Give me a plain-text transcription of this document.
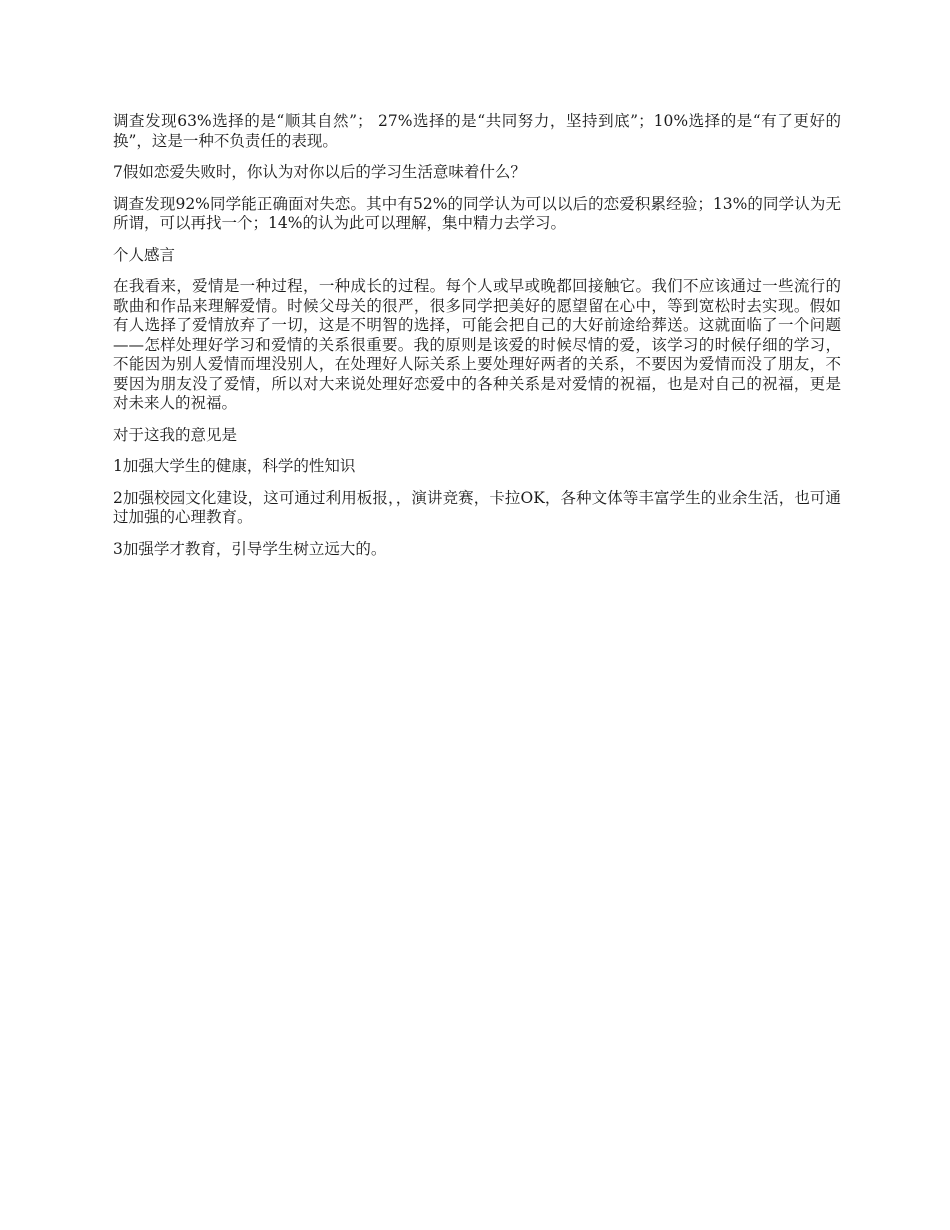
调查发现63%选择的是“顺其自然”； 27%选择的是“共同努力，坚持到底”；10%选择的是“有了更好的换”，这是一种不负责任的表现。

7假如恋爱失败时，你认为对你以后的学习生活意味着什么？

调查发现92%同学能正确面对失恋。其中有52%的同学认为可以以后的恋爱积累经验；13%的同学认为无所谓，可以再找一个；14%的认为此可以理解，集中精力去学习。

个人感言

在我看来，爱情是一种过程，一种成长的过程。每个人或早或晚都回接触它。我们不应该通过一些流行的歌曲和作品来理解爱情。时候父母关的很严，很多同学把美好的愿望留在心中，等到宽松时去实现。假如有人选择了爱情放弃了一切，这是不明智的选择，可能会把自己的大好前途给葬送。这就面临了一个问题——怎样处理好学习和爱情的关系很重要。我的原则是该爱的时候尽情的爱，该学习的时候仔细的学习，不能因为别人爱情而埋没别人，在处理好人际关系上要处理好两者的关系，不要因为爱情而没了朋友，不要因为朋友没了爱情，所以对大来说处理好恋爱中的各种关系是对爱情的祝福，也是对自己的祝福，更是对未来人的祝福。

对于这我的意见是

1加强大学生的健康，科学的性知识

2加强校园文化建设，这可通过利用板报，，演讲竞赛，卡拉OK，各种文体等丰富学生的业余生活，也可通过加强的心理教育。

3加强学才教育，引导学生树立远大的。
